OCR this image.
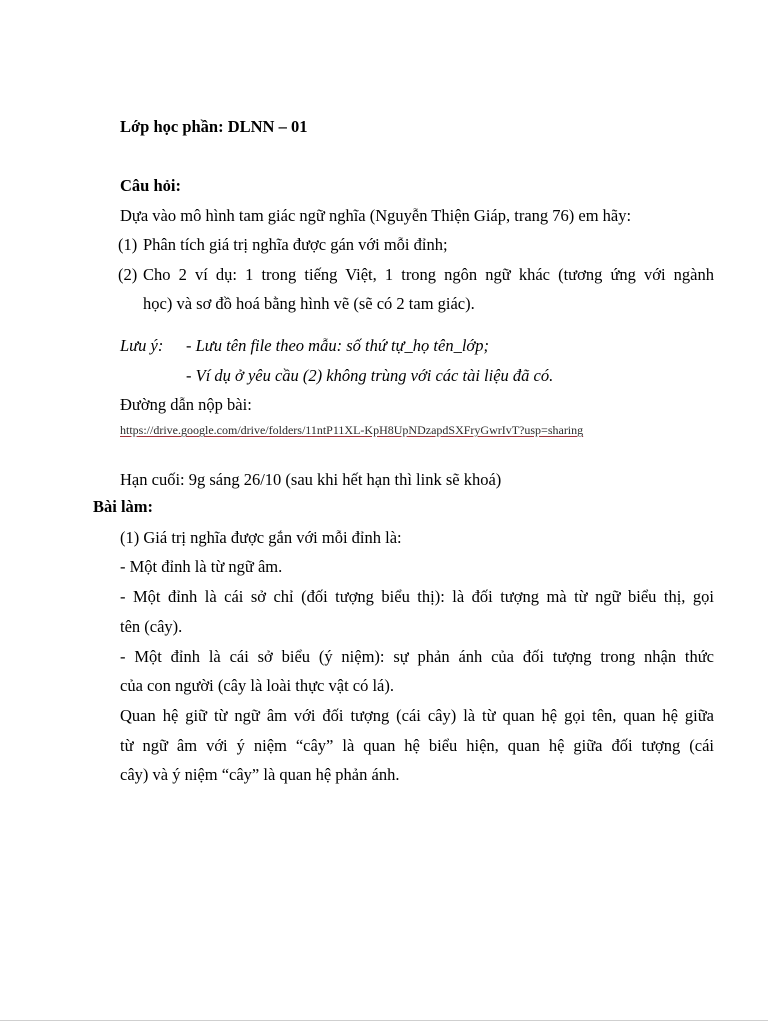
Lớp học phần: DLNN – 01
Câu hỏi:
Dựa vào mô hình tam giác ngữ nghĩa (Nguyễn Thiện Giáp, trang 76) em hãy:
(1) Phân tích giá trị nghĩa được gán với mỗi đỉnh;
(2) Cho 2 ví dụ: 1 trong tiếng Việt, 1 trong ngôn ngữ khác (tương ứng với ngành
học) và sơ đồ hoá bằng hình vẽ (sẽ có 2 tam giác).
Lưu ý: - Lưu tên file theo mẫu: số thứ tự_họ tên_lớp;
- Ví dụ ở yêu cầu (2) không trùng với các tài liệu đã có.
Đường dẫn nộp bài:
https://drive.google.com/drive/folders/11ntP11XL-KpH8UpNDzapdSXFryGwrIvT?usp=sharing
Hạn cuối: 9g sáng 26/10 (sau khi hết hạn thì link sẽ khoá)
Bài làm:
(1) Giá trị nghĩa được gắn với mỗi đỉnh là:
- Một đỉnh là từ ngữ âm.
- Một đỉnh là cái sở chỉ (đối tượng biểu thị): là đối tượng mà từ ngữ biểu thị, gọi
tên (cây).
- Một đỉnh là cái sở biểu (ý niệm): sự phản ánh của đối tượng trong nhận thức
của con người (cây là loài thực vật có lá).
Quan hệ giữ từ ngữ âm với đối tượng (cái cây) là từ quan hệ gọi tên, quan hệ giữa
từ ngữ âm với ý niệm “cây” là quan hệ biểu hiện, quan hệ giữa đối tượng (cái
cây) và ý niệm “cây” là quan hệ phản ánh.
